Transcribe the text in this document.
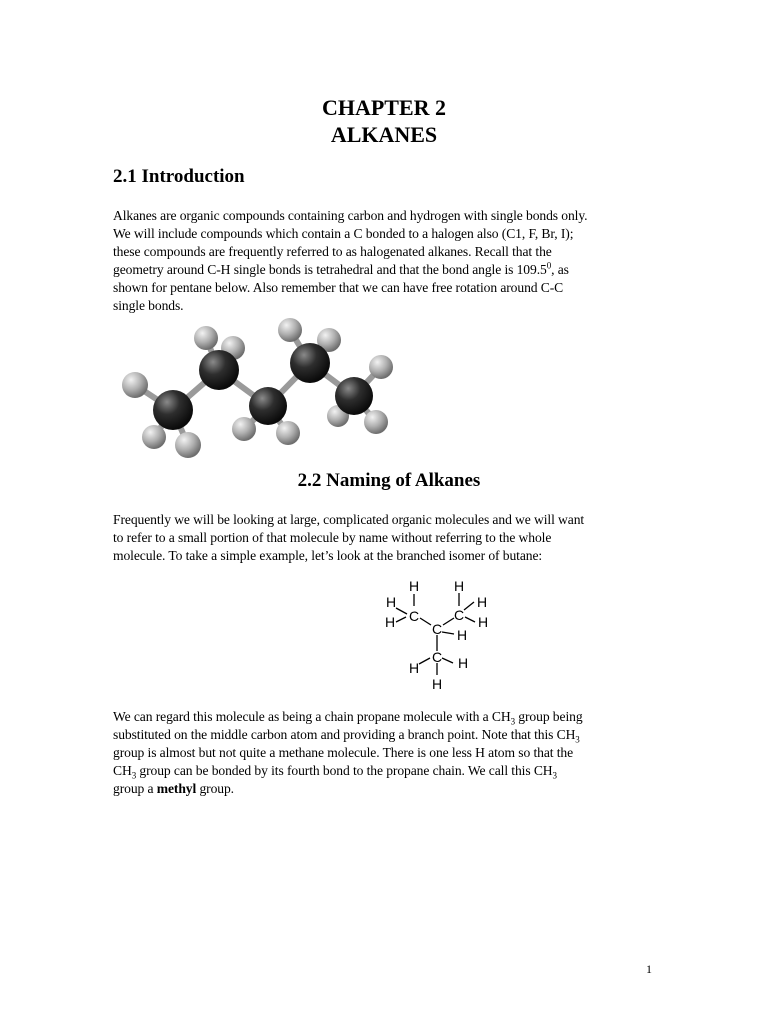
CHAPTER 2
ALKANES
2.1 Introduction

Alkanes are organic compounds containing carbon and hydrogen with single bonds only.
We will include compounds which contain a C bonded to a halogen also (C1, F, Br, I);
these compounds are frequently referred to as halogenated alkanes. Recall that the
geometry around C-H single bonds is tetrahedral and that the bond angle is 109.5$^0$, as
shown for pentane below. Also remember that we can have free rotation around C-C
single bonds.

2.2 Naming of Alkanes

Frequently we will be looking at large, complicated organic molecules and we will want
to refer to a small portion of that molecule by name without referring to the whole
molecule. To take a simple example, let’s look at the branched isomer of butane:

H H
H	H
C C
H	H
C H
C H
H
H

We can regard this molecule as being a chain propane molecule with a $CH_3$ group being
substituted on the middle carbon atom and providing a branch point. Note that this $CH_3$
group is almost but not quite a methane molecule. There is one less H atom so that the
$CH_3$ group can be bonded by its fourth bond to the propane chain. We call this $CH_3$
group a methyl group.

1
